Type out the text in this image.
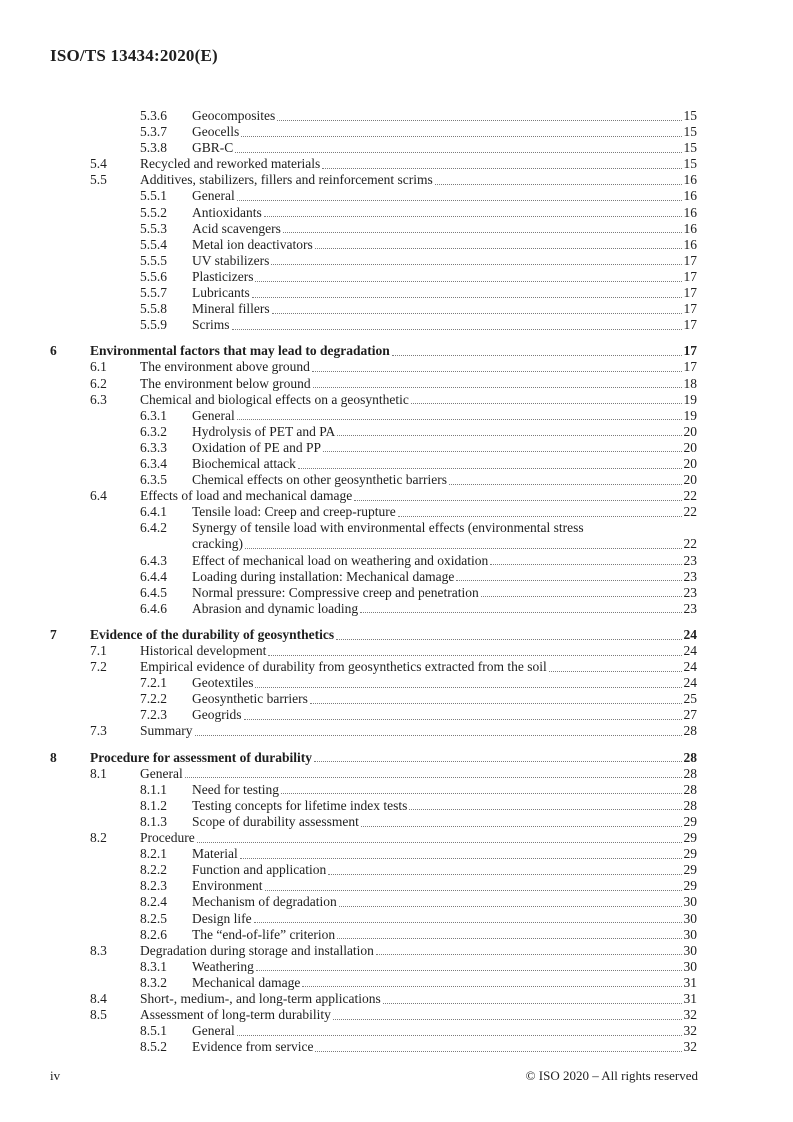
ISO/TS 13434:2020(E)
5.3.6	Geocomposites	15
5.3.7	Geocells	15
5.3.8	GBR-C	15
5.4	Recycled and reworked materials	15
5.5	Additives, stabilizers, fillers and reinforcement scrims	16
5.5.1	General	16
5.5.2	Antioxidants	16
5.5.3	Acid scavengers	16
5.5.4	Metal ion deactivators	16
5.5.5	UV stabilizers	17
5.5.6	Plasticizers	17
5.5.7	Lubricants	17
5.5.8	Mineral fillers	17
5.5.9	Scrims	17
6	Environmental factors that may lead to degradation	17
6.1	The environment above ground	17
6.2	The environment below ground	18
6.3	Chemical and biological effects on a geosynthetic	19
6.3.1	General	19
6.3.2	Hydrolysis of PET and PA	20
6.3.3	Oxidation of PE and PP	20
6.3.4	Biochemical attack	20
6.3.5	Chemical effects on other geosynthetic barriers	20
6.4	Effects of load and mechanical damage	22
6.4.1	Tensile load: Creep and creep-rupture	22
6.4.2	Synergy of tensile load with environmental effects (environmental stress
cracking)	22
6.4.3	Effect of mechanical load on weathering and oxidation	23
6.4.4	Loading during installation: Mechanical damage	23
6.4.5	Normal pressure: Compressive creep and penetration	23
6.4.6	Abrasion and dynamic loading	23
7	Evidence of the durability of geosynthetics	24
7.1	Historical development	24
7.2	Empirical evidence of durability from geosynthetics extracted from the soil	24
7.2.1	Geotextiles	24
7.2.2	Geosynthetic barriers	25
7.2.3	Geogrids	27
7.3	Summary	28
8	Procedure for assessment of durability	28
8.1	General	28
8.1.1	Need for testing	28
8.1.2	Testing concepts for lifetime index tests	28
8.1.3	Scope of durability assessment	29
8.2	Procedure	29
8.2.1	Material	29
8.2.2	Function and application	29
8.2.3	Environment	29
8.2.4	Mechanism of degradation	30
8.2.5	Design life	30
8.2.6	The “end-of-life” criterion	30
8.3	Degradation during storage and installation	30
8.3.1	Weathering	30
8.3.2	Mechanical damage	31
8.4	Short-, medium-, and long-term applications	31
8.5	Assessment of long-term durability	32
8.5.1	General	32
8.5.2	Evidence from service	32
iv	© ISO 2020 – All rights reserved
